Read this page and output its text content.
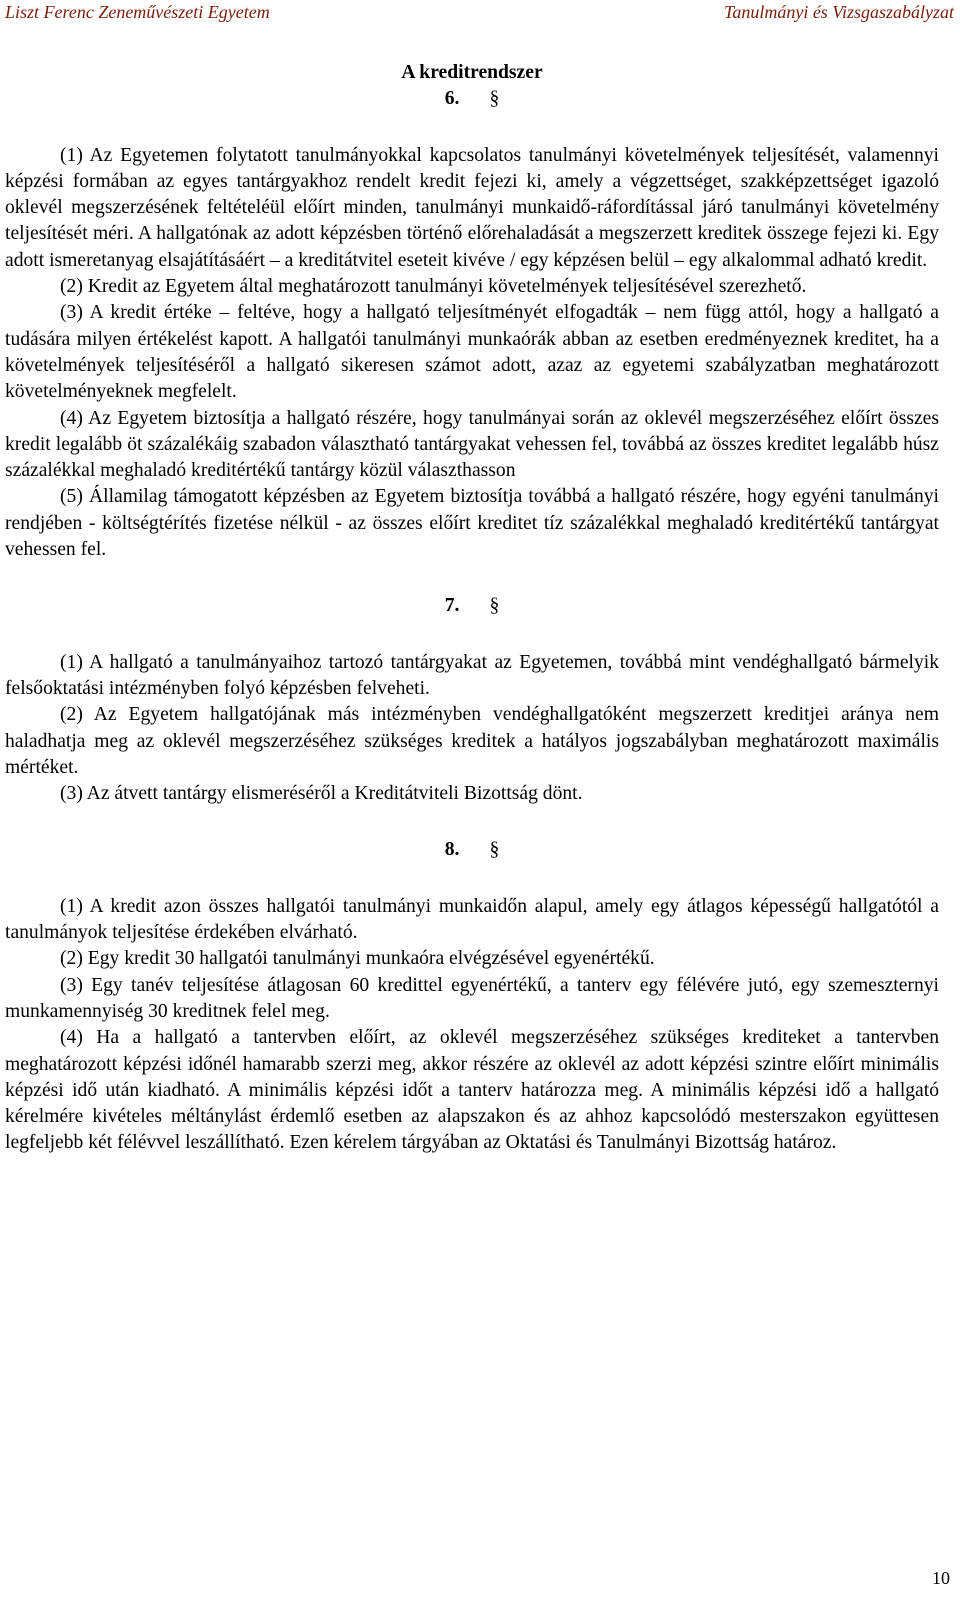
Liszt Ferenc Zeneművészeti Egyetem	Tanulmányi és Vizsgaszabályzat
A kreditrendszer
6. §

(1) Az Egyetemen folytatott tanulmányokkal kapcsolatos tanulmányi követelmények teljesítését, valamennyi képzési formában az egyes tantárgyakhoz rendelt kredit fejezi ki, amely a végzettséget, szakképzettséget igazoló oklevél megszerzésének feltételéül előírt minden, tanulmányi munkaidő-ráfordítással járó tanulmányi követelmény teljesítését méri. A hallgatónak az adott képzésben történő előrehaladását a megszerzett kreditek összege fejezi ki. Egy adott ismeretanyag elsajátításáért – a kreditátvitel eseteit kivéve / egy képzésen belül – egy alkalommal adható kredit.

(2) Kredit az Egyetem által meghatározott tanulmányi követelmények teljesítésével szerezhető.

(3) A kredit értéke – feltéve, hogy a hallgató teljesítményét elfogadták – nem függ attól, hogy a hallgató a tudására milyen értékelést kapott. A hallgatói tanulmányi munkaórák abban az esetben eredményeznek kreditet, ha a követelmények teljesítéséről a hallgató sikeresen számot adott, azaz az egyetemi szabályzatban meghatározott követelményeknek megfelelt.

(4) Az Egyetem biztosítja a hallgató részére, hogy tanulmányai során az oklevél megszerzéséhez előírt összes kredit legalább öt százalékáig szabadon választható tantárgyakat vehessen fel, továbbá az összes kreditet legalább húsz százalékkal meghaladó kreditértékű tantárgy közül választhasson

(5) Államilag támogatott képzésben az Egyetem biztosítja továbbá a hallgató részére, hogy egyéni tanulmányi rendjében - költségtérítés fizetése nélkül - az összes előírt kreditet tíz százalékkal meghaladó kreditértékű tantárgyat vehessen fel.

7. §

(1) A hallgató a tanulmányaihoz tartozó tantárgyakat az Egyetemen, továbbá mint vendéghallgató bármelyik felsőoktatási intézményben folyó képzésben felveheti.

(2) Az Egyetem hallgatójának más intézményben vendéghallgatóként megszerzett kreditjei aránya nem haladhatja meg az oklevél megszerzéséhez szükséges kreditek a hatályos jogszabályban meghatározott maximális mértéket.

(3) Az átvett tantárgy elismeréséről a Kreditátviteli Bizottság dönt.

8. §

(1) A kredit azon összes hallgatói tanulmányi munkaidőn alapul, amely egy átlagos képességű hallgatótól a tanulmányok teljesítése érdekében elvárható.

(2) Egy kredit 30 hallgatói tanulmányi munkaóra elvégzésével egyenértékű.

(3) Egy tanév teljesítése átlagosan 60 kredittel egyenértékű, a tanterv egy félévére jutó, egy szemeszternyi munkamennyiség 30 kreditnek felel meg.

(4) Ha a hallgató a tantervben előírt, az oklevél megszerzéséhez szükséges krediteket a tantervben meghatározott képzési időnél hamarabb szerzi meg, akkor részére az oklevél az adott képzési szintre előírt minimális képzési idő után kiadható. A minimális képzési időt a tanterv határozza meg. A minimális képzési idő a hallgató kérelmére kivételes méltánylást érdemlő esetben az alapszakon és az ahhoz kapcsolódó mesterszakon együttesen legfeljebb két félévvel leszállítható. Ezen kérelem tárgyában az Oktatási és Tanulmányi Bizottság határoz.

10
